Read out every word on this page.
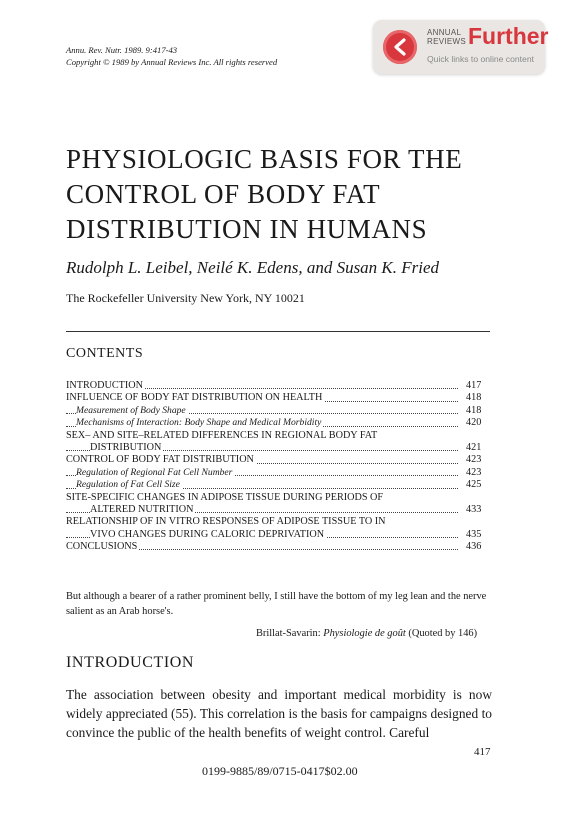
Annu. Rev. Nutr. 1989. 9:417-43
Copyright © 1989 by Annual Reviews Inc. All rights reserved
ANNUAL
REVIEWS Further
Quick links to online content
PHYSIOLOGIC BASIS FOR THE
CONTROL OF BODY FAT
DISTRIBUTION IN HUMANS
Rudolph L. Leibel, Neilé K. Edens, and Susan K. Fried
The Rockefeller University New York, NY 10021
CONTENTS
INTRODUCTION	417
INFLUENCE OF BODY FAT DISTRIBUTION ON HEALTH	418
Measurement of Body Shape	418
Mechanisms of Interaction: Body Shape and Medical Morbidity	420
SEX– AND SITE–RELATED DIFFERENCES IN REGIONAL BODY FAT
DISTRIBUTION	421
CONTROL OF BODY FAT DISTRIBUTION	423
Regulation of Regional Fat Cell Number	423
Regulation of Fat Cell Size	425
SITE-SPECIFIC CHANGES IN ADIPOSE TISSUE DURING PERIODS OF
ALTERED NUTRITION	433
RELATIONSHIP OF IN VITRO RESPONSES OF ADIPOSE TISSUE TO IN
VIVO CHANGES DURING CALORIC DEPRIVATION	435
CONCLUSIONS	436
But although a bearer of a rather prominent belly, I still have the bottom of my leg lean and the nerve salient as an Arab horse's.
Brillat-Savarin: Physiologie de goût (Quoted by 146)
INTRODUCTION
The association between obesity and important medical morbidity is now widely appreciated (55). This correlation is the basis for campaigns designed to convince the public of the health benefits of weight control. Careful
417
0199-9885/89/0715-0417$02.00
